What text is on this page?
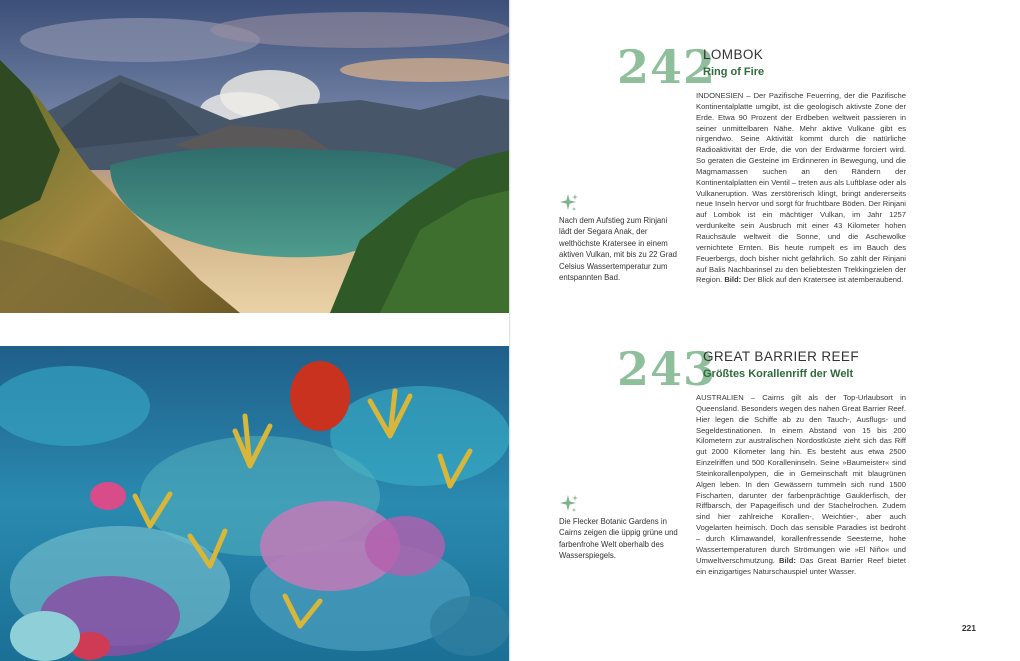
242
LOMBOK
Ring of Fire
INDONESIEN – Der Pazifische Feuerring, der die Pazifische Kontinentalplatte umgibt, ist die geologisch aktivste Zone der Erde. Etwa 90 Prozent der Erdbeben weltweit passieren in seiner unmittelbaren Nähe. Mehr aktive Vulkane gibt es nirgendwo. Seine Aktivität kommt durch die natürliche Radioaktivität der Erde, die von der Erdwärme forciert wird. So geraten die Gesteine im Erdinneren in Bewegung, und die Magmamassen suchen an den Rändern der Kontinentalplatten ein Ventil – treten aus als Luftblase oder als Vulkaneruption. Was zerstörerisch klingt, bringt andererseits neue Inseln hervor und sorgt für fruchtbare Böden. Der Rinjani auf Lombok ist ein mächtiger Vulkan, im Jahr 1257 verdunkelte sein Ausbruch mit einer 43 Kilometer hohen Rauchsäule weltweit die Sonne, und die Aschewolke vernichtete Ernten. Bis heute rumpelt es im Bauch des Feuerbergs, doch bisher nicht gefährlich. So zählt der Rinjani auf Balis Nachbarinsel zu den beliebtesten Trekkingzielen der Region. Bild: Der Blick auf den Kratersee ist atemberaubend.
Nach dem Aufstieg zum Rinjani lädt der Segara Anak, der welthöchste Kratersee in einem aktiven Vulkan, mit bis zu 22 Grad Celsius Wassertemperatur zum entspannten Bad.
243
GREAT BARRIER REEF
Größtes Korallenriff der Welt
AUSTRALIEN – Cairns gilt als der Top-Urlaubsort in Queensland. Besonders wegen des nahen Great Barrier Reef. Hier legen die Schiffe ab zu den Tauch-, Ausflugs- und Segeldestinationen. In einem Abstand von 15 bis 200 Kilometern zur australischen Nordostküste zieht sich das Riff gut 2000 Kilometer lang hin. Es besteht aus etwa 2500 Einzelriffen und 500 Koralleninseln. Seine »Baumeister« sind Steinkorallenpolypen, die in Gemeinschaft mit blaugrünen Algen leben. In den Gewässern tummeln sich rund 1500 Fischarten, darunter der farbenprächtige Gauklerfisch, der Riffbarsch, der Papageifisch und der Stachelrochen. Zudem sind hier zahlreiche Korallen-, Weichtier-, aber auch Vogelarten heimisch. Doch das sensible Paradies ist bedroht – durch Klimawandel, korallenfressende Seesterne, hohe Wassertemperaturen durch Strömungen wie »El Niño« und Umweltverschmutzung. Bild: Das Great Barrier Reef bietet ein einzigartiges Naturschauspiel unter Wasser.
Die Flecker Botanic Gardens in Cairns zeigen die üppig grüne und farbenfrohe Welt oberhalb des Wasserspiegels.
221
